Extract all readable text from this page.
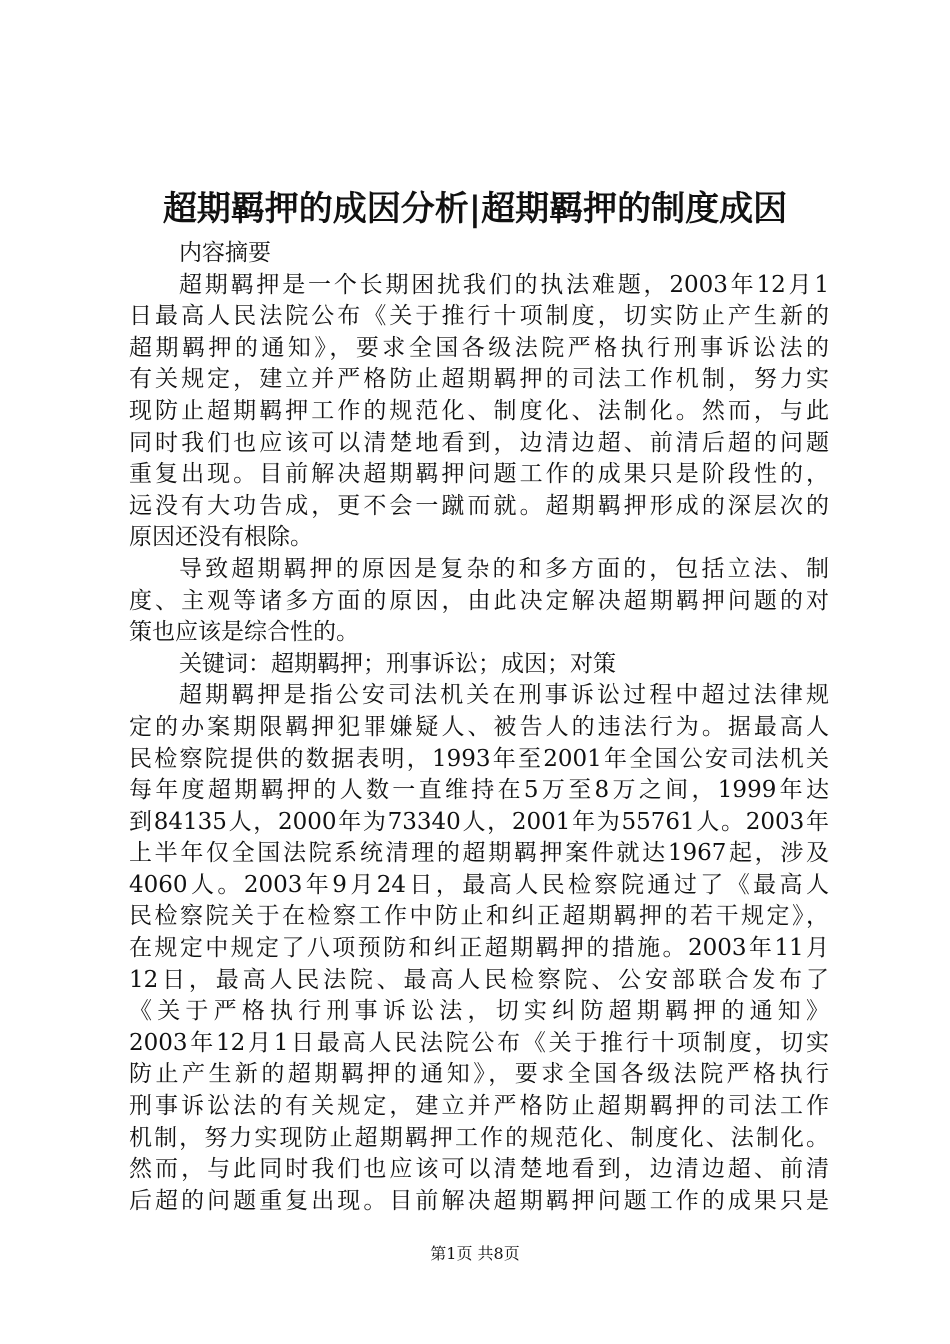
超期羁押的成因分析|超期羁押的制度成因
内容摘要
超期羁押是一个长期困扰我们的执法难题，2003年12月1
日最高人民法院公布《关于推行十项制度，切实防止产生新的
超期羁押的通知》，要求全国各级法院严格执行刑事诉讼法的
有关规定，建立并严格防止超期羁押的司法工作机制，努力实
现防止超期羁押工作的规范化、制度化、法制化。然而，与此
同时我们也应该可以清楚地看到，边清边超、前清后超的问题
重复出现。目前解决超期羁押问题工作的成果只是阶段性的，
远没有大功告成，更不会一蹴而就。超期羁押形成的深层次的
原因还没有根除。
导致超期羁押的原因是复杂的和多方面的，包括立法、制
度、主观等诸多方面的原因，由此决定解决超期羁押问题的对
策也应该是综合性的。
关键词：超期羁押；刑事诉讼；成因；对策
超期羁押是指公安司法机关在刑事诉讼过程中超过法律规
定的办案期限羁押犯罪嫌疑人、被告人的违法行为。据最高人
民检察院提供的数据表明，1993年至2001年全国公安司法机关
每年度超期羁押的人数一直维持在5万至8万之间，1999年达
到84135人，2000年为73340人，2001年为55761人。2003年
上半年仅全国法院系统清理的超期羁押案件就达1967起，涉及
4060人。2003年9月24日，最高人民检察院通过了《最高人
民检察院关于在检察工作中防止和纠正超期羁押的若干规定》，
在规定中规定了八项预防和纠正超期羁押的措施。2003年11月
12日，最高人民法院、最高人民检察院、公安部联合发布了
《关于严格执行刑事诉讼法，切实纠防超期羁押的通知》
2003年12月1日最高人民法院公布《关于推行十项制度，切实
防止产生新的超期羁押的通知》，要求全国各级法院严格执行
刑事诉讼法的有关规定，建立并严格防止超期羁押的司法工作
机制，努力实现防止超期羁押工作的规范化、制度化、法制化。
然而，与此同时我们也应该可以清楚地看到，边清边超、前清
后超的问题重复出现。目前解决超期羁押问题工作的成果只是
第1页 共8页
